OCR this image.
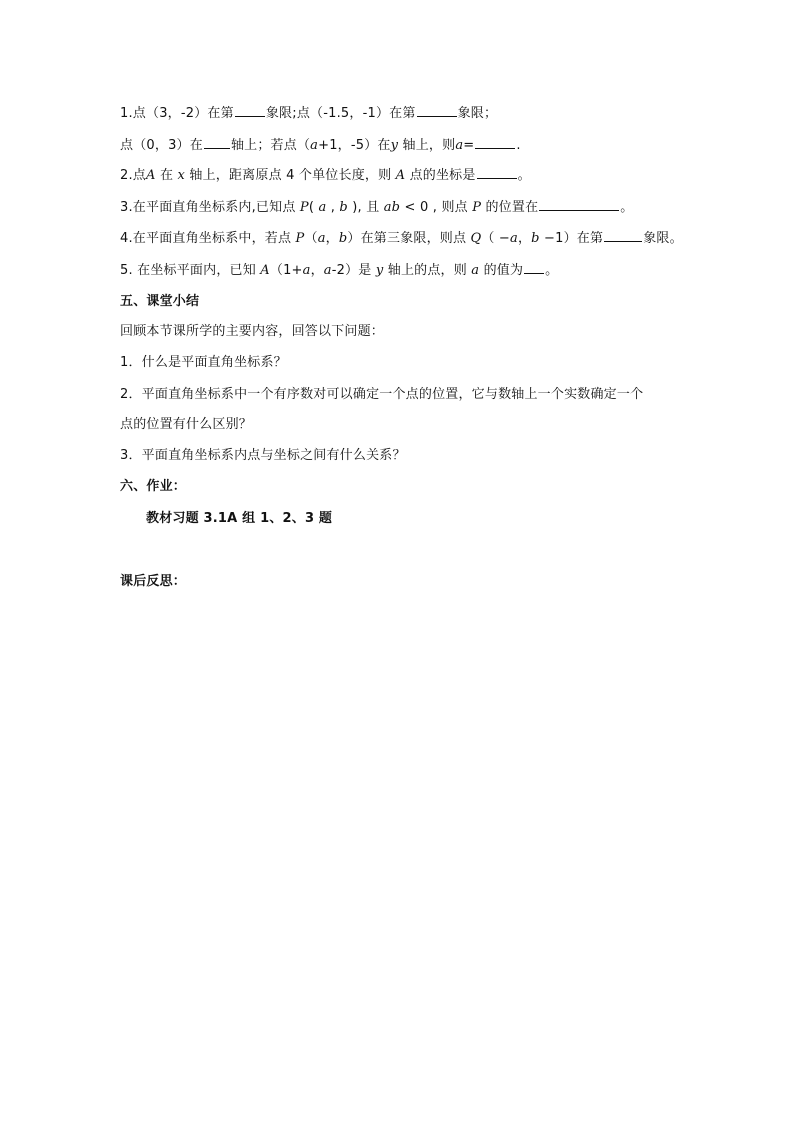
1.点（3，-2）在第 象限;点（-1.5，-1）在第	象限；
点（0，3）在 轴上；若点（a+1，-5）在y 轴上，则a=	.
2.点A 在 x 轴上，距离原点 4 个单位长度，则 A 点的坐标是	。
3.在平面直角坐标系内,已知点 P( a , b ), 且 ab < 0 , 则点 P 的位置在	。
4.在平面直角坐标系中，若点 P（a，b）在第三象限，则点 Q（ −a，b −1）在第	象限。
5. 在坐标平面内，已知 A（1+a，a-2）是 y 轴上的点，则 a 的值为 。
五、课堂小结
回顾本节课所学的主要内容，回答以下问题：
1．什么是平面直角坐标系？
2．平面直角坐标系中一个有序数对可以确定一个点的位置，它与数轴上一个实数确定一个
点的位置有什么区别？
3．平面直角坐标系内点与坐标之间有什么关系？
六、作业：
教材习题 3.1A 组 1、2、3 题
课后反思：
